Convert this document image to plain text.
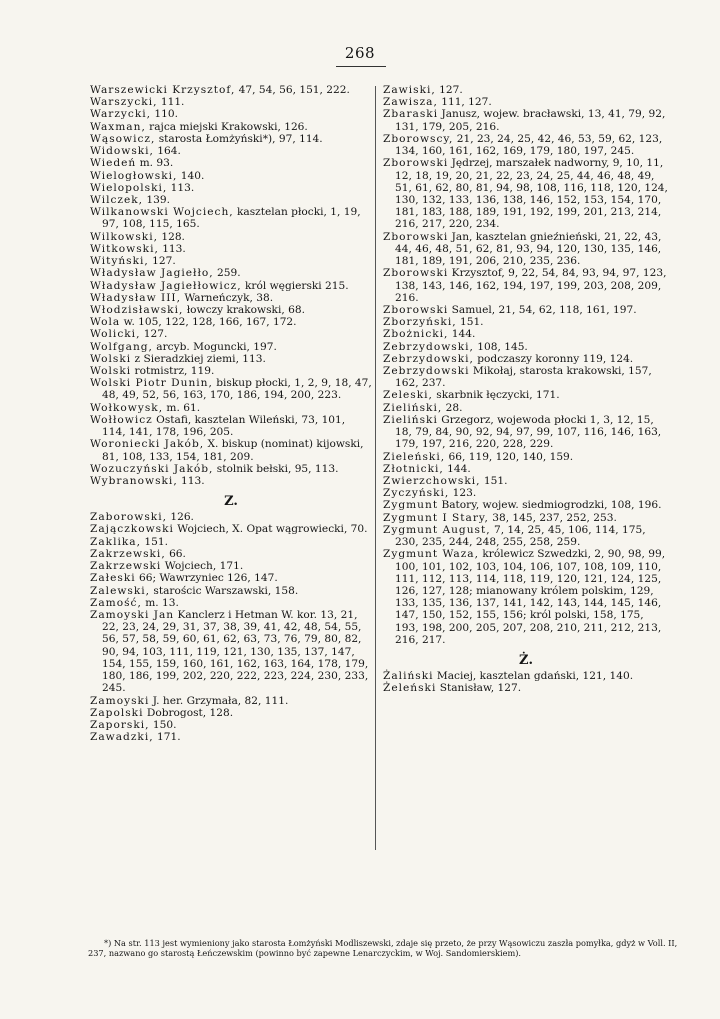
268

Warszewicki Krzysztof, 47, 54, 56, 151, 222.

Warszycki, 111.

Warzycki, 110.

Waxman, rajca miejski Krakowski, 126.

Wąsowicz, starosta Łomżyński*), 97, 114.

Widowski, 164.

Wiedeń m. 93.

Wielogłowski, 140.

Wielopolski, 113.

Wilczek, 139.

Wilkanowski Wojciech, kasztelan płocki, 1, 19, 97, 108, 115, 165.

Wilkowski, 128.

Witkowski, 113.

Wityński, 127.

Władysław Jagiełło, 259.

Władysław Jagiełłowicz, król węgierski 215.

Władysław III, Warneńczyk, 38.

Włodzisławski, łowczy krakowski, 68.

Wola w. 105, 122, 128, 166, 167, 172.

Wolicki, 127.

Wolfgang, arcyb. Moguncki, 197.

Wolski z Sieradzkiej ziemi, 113.

Wolski rotmistrz, 119.

Wolski Piotr Dunin, biskup płocki, 1, 2, 9, 18, 47, 48, 49, 52, 56, 163, 170, 186, 194, 200, 223.

Wołkowysk, m. 61.

Wołłowicz Ostafi, kasztelan Wileński, 73, 101, 114, 141, 178, 196, 205.

Woroniecki Jakób, X. biskup (nominat) kijowski, 81, 108, 133, 154, 181, 209.

Wozuczyński Jakób, stolnik bełski, 95, 113.

Wybranowski, 113.

Z.

Zaborowski, 126.

Zajączkowski Wojciech, X. Opat wągrowiecki, 70.

Zaklika, 151.

Zakrzewski, 66.

Zakrzewski Wojciech, 171.

Załeski 66; Wawrzyniec 126, 147.

Zalewski, starościc Warszawski, 158.

Zamość, m. 13.

Zamoyski Jan Kanclerz i Hetman W. kor. 13, 21, 22, 23, 24, 29, 31, 37, 38, 39, 41, 42, 48, 54, 55, 56, 57, 58, 59, 60, 61, 62, 63, 73, 76, 79, 80, 82, 90, 94, 103, 111, 119, 121, 130, 135, 137, 147, 154, 155, 159, 160, 161, 162, 163, 164, 178, 179, 180, 186, 199, 202, 220, 222, 223, 224, 230, 233, 245.

Zamoyski J. her. Grzymała, 82, 111.

Zapolski Dobrogost, 128.

Zaporski, 150.

Zawadzki, 171.

Zawiski, 127.

Zawisza, 111, 127.

Zbaraski Janusz, wojew. bracławski, 13, 41, 79, 92, 131, 179, 205, 216.

Zborowscy, 21, 23, 24, 25, 42, 46, 53, 59, 62, 123, 134, 160, 161, 162, 169, 179, 180, 197, 245.

Zborowski Jędrzej, marszałek nadworny, 9, 10, 11, 12, 18, 19, 20, 21, 22, 23, 24, 25, 44, 46, 48, 49, 51, 61, 62, 80, 81, 94, 98, 108, 116, 118, 120, 124, 130, 132, 133, 136, 138, 146, 152, 153, 154, 170, 181, 183, 188, 189, 191, 192, 199, 201, 213, 214, 216, 217, 220, 234.

Zborowski Jan, kasztelan gnieźnieński, 21, 22, 43, 44, 46, 48, 51, 62, 81, 93, 94, 120, 130, 135, 146, 181, 189, 191, 206, 210, 235, 236.

Zborowski Krzysztof, 9, 22, 54, 84, 93, 94, 97, 123, 138, 143, 146, 162, 194, 197, 199, 203, 208, 209, 216.

Zborowski Samuel, 21, 54, 62, 118, 161, 197.

Zborzyński, 151.

Zbożnicki, 144.

Zebrzydowski, 108, 145.

Zebrzydowski, podczaszy koronny 119, 124.

Zebrzydowski Mikołaj, starosta krakowski, 157, 162, 237.

Zeleski, skarbnik łęczycki, 171.

Zieliński, 28.

Zieliński Grzegorz, wojewoda płocki 1, 3, 12, 15, 18, 79, 84, 90, 92, 94, 97, 99, 107, 116, 146, 163, 179, 197, 216, 220, 228, 229.

Zieleński, 66, 119, 120, 140, 159.

Złotnicki, 144.

Zwierzchowski, 151.

Zyczyński, 123.

Zygmunt Batory, wojew. siedmiogrodzki, 108, 196.

Zygmunt I Stary, 38, 145, 237, 252, 253.

Zygmunt August, 7, 14, 25, 45, 106, 114, 175, 230, 235, 244, 248, 255, 258, 259.

Zygmunt Waza, królewicz Szwedzki, 2, 90, 98, 99, 100, 101, 102, 103, 104, 106, 107, 108, 109, 110, 111, 112, 113, 114, 118, 119, 120, 121, 124, 125, 126, 127, 128; mianowany królem polskim, 129, 133, 135, 136, 137, 141, 142, 143, 144, 145, 146, 147, 150, 152, 155, 156; król polski, 158, 175, 193, 198, 200, 205, 207, 208, 210, 211, 212, 213, 216, 217.

Ż.

Żaliński Maciej, kasztelan gdański, 121, 140.

Żeleński Stanisław, 127.

*) Na str. 113 jest wymieniony jako starosta Łomżyński Modliszewski, zdaje się przeto, że przy Wąsowiczu zaszła pomyłka, gdyż w Voll. II, 237, nazwano go starostą Łeńczewskim (powinno być zapewne Lenarczyckim, w Woj. Sandomierskiem).
